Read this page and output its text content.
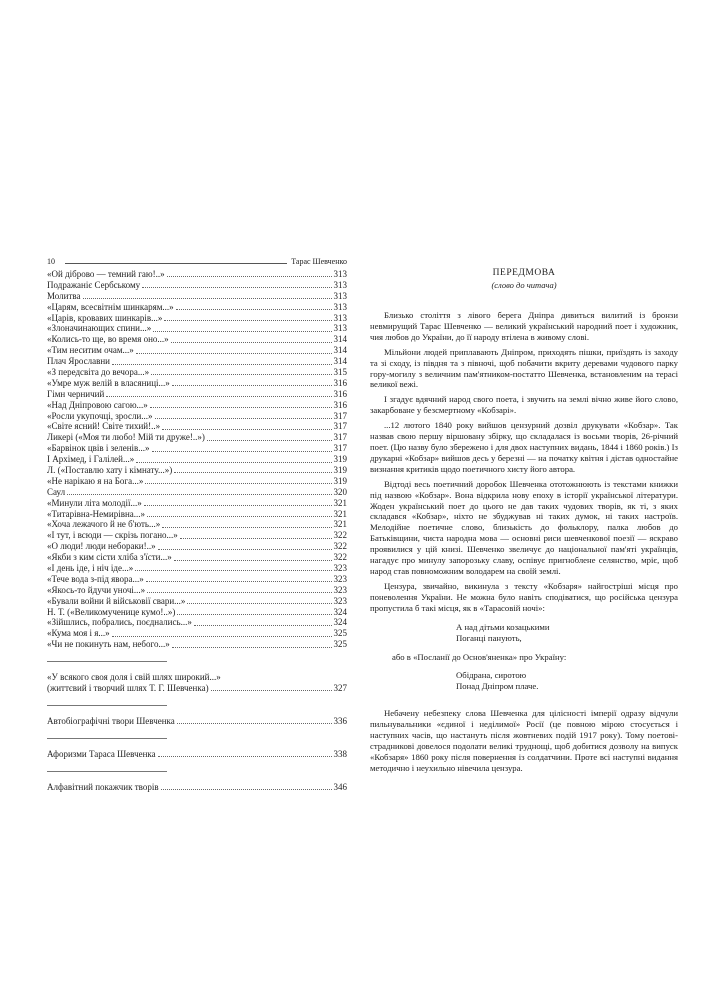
10	Тарас Шевченко
«Ой діброво — темний гаю!..»	313
Подражаніє Сербському	313
Молитва	313
«Царям, всесвітнім шинкарям...»	313
«Царів, кровавих шинкарів...»	313
«Злоначинающих спини...»	313
«Колись-то ще, во время оно...»	314
«Тим неситим очам...»	314
Плач Ярославни	314
«З передсвіта до вечора...»	315
«Умре муж велій в власяниці...»	316
Гімн черничий	316
«Над Дніпровою сагою...»	316
«Росли укупочці, зросли...»	317
«Світе ясний! Світе тихий!..»	317
Ликері («Моя ти любо! Мій ти друже!..»)	317
«Барвінок цвів і зеленів...»	317
І Архімед, і Галілей...»	319
Л. («Поставлю хату і кімнату...»)	319
«Не нарікаю я на Бога...»	319
Саул	320
«Минули літа молодії...»	321
«Титарівна-Немирівна...»	321
«Хоча лежачого й не б'ють...»	321
«І тут, і всюди — скрізь погано...»	322
«О люди! люди небораки!..»	322
«Якби з ким сісти хліба з'їсти...»	322
«І день іде, і ніч іде...»	323
«Тече вода з-під явора...»	323
«Якось-то йдучи уночі...»	323
«Бували войни й військовії свари...»	323
Н. Т. («Великомученице кумо!..»)	324
«Зійшлись, побрались, поєднались...»	324
«Кума моя і я...»	325
«Чи не покинуть нам, небого...»	325
«У всякого своя доля і свій шлях широкий...»
(життєвий і творчий шлях Т. Г. Шевченка)	327
Автобіографічні твори Шевченка	336
Афоризми Тараса Шевченка	338
Алфавітний покажчик творів	346
ПЕРЕДМОВА
(слово до читача)

Близько століття з лівого берега Дніпра дивиться вилитий із бронзи невмирущий Тарас Шевченко — великий український народний поет і художник, чия любов до України, до її народу втілена в живому слові.

Мільйони людей приплавають Дніпром, приходять пішки, приїздять із заходу та зі сходу, із півдня та з півночі, щоб побачити вкриту деревами чудового парку гору-могилу з величним пам'ятником-постатто Шевченка, встановленим на терасі великої вежі.

І згадує вдячний народ свого поета, і звучить на землі вічно живе його слово, закарбоване у безсмертному «Кобзарі».

...12 лютого 1840 року вийшов цензурний дозвіл друкувати «Кобзар». Так назвав свою першу віршовану збірку, що складалася із восьми творів, 26-річний поет. (Цю назву було збережено і для двох наступних видань, 1844 і 1860 років.) Із друкарні «Кобзар» вийшов десь у березні — на початку квітня і дістав одностайне визнання критиків щодо поетичного хисту його автора.

Відтоді весь поетичний доробок Шевченка ототожнюють із текстами книжки під назвою «Кобзар». Вона відкрила нову епоху в історії української літератури. Жоден український поет до цього не дав таких чудових творів, як ті, з яких складався «Кобзар», ніхто не збуджував ні таких думок, ні таких настроїв. Мелодійне поетичне слово, близькість до фольклору, палка любов до Батьківщини, чиста народна мова — основні риси шевченкової поезії — яскраво проявилися у цій книзі. Шевченко звеличує до національної пам'яті українців, нагадує про минулу запорозьку славу, оспівує пригноблене селянство, мріє, щоб народ став повноможним володарем на своїй землі.

Цензура, звичайно, викинула з тексту «Кобзаря» найгостріші місця про поневолення України. Не можна було навіть сподіватися, що російська цензура пропустила б такі місця, як в «Тарасовій ночі»:

А над дітьми козацькими
Поганці панують,

або в «Посланії до Основ'яненка» про Україну:

Обідрана, сиротою
Понад Дніпром плаче.

Небачену небезпеку слова Шевченка для цілісності імперії одразу відчули пильнувальники «єдиної і неділимої» Росії (це повною мірою стосується і наступних часів, що настануть після жовтневих подій 1917 року). Тому поетові-страдникові довелося подолати великі труднощі, щоб добитися дозволу на випуск «Кобзаря» 1860 року після повернення із солдатчини. Проте всі наступні видання методично і неухильно нівечила цензура.
